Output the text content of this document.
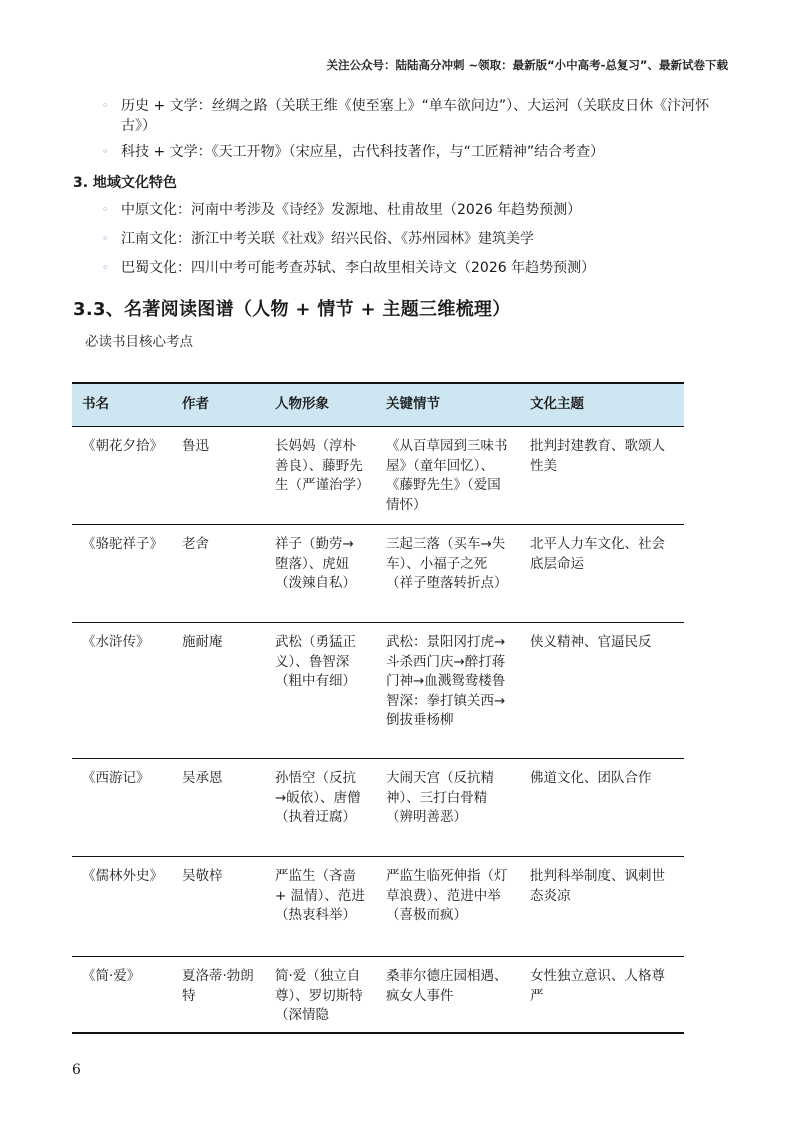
关注公众号：陆陆高分冲刺 ~领取：最新版“小中高考-总复习”、最新试卷下载
◦ 历史 + 文学：丝绸之路（关联王维《使至塞上》“单车欲问边”）、大运河（关联皮日休《汴河怀古》）
◦ 科技 + 文学：《天工开物》（宋应星，古代科技著作，与“工匠精神”结合考查）
3. 地域文化特色
◦ 中原文化：河南中考涉及《诗经》发源地、杜甫故里（2026 年趋势预测）
◦ 江南文化：浙江中考关联《社戏》绍兴民俗、《苏州园林》建筑美学
◦ 巴蜀文化：四川中考可能考查苏轼、李白故里相关诗文（2026 年趋势预测）
3.3、名著阅读图谱（人物 + 情节 + 主题三维梳理）
必读书目核心考点
书名	作者	人物形象	关键情节	文化主题
《朝花夕拾》	鲁迅	长妈妈（淳朴善良）、藤野先生（严谨治学）	《从百草园到三味书屋》（童年回忆）、《藤野先生》（爱国情怀）	批判封建教育、歌颂人性美
《骆驼祥子》	老舍	祥子（勤劳→堕落）、虎妞（泼辣自私）	三起三落（买车→失车）、小福子之死（祥子堕落转折点）	北平人力车文化、社会底层命运
《水浒传》	施耐庵	武松（勇猛正义）、鲁智深（粗中有细）	武松：景阳冈打虎→斗杀西门庆→醉打蒋门神→血溅鸳鸯楼鲁智深：拳打镇关西→倒拔垂杨柳	侠义精神、官逼民反
《西游记》	吴承恩	孙悟空（反抗→皈依）、唐僧（执着迂腐）	大闹天宫（反抗精神）、三打白骨精（辨明善恶）	佛道文化、团队合作
《儒林外史》	吴敬梓	严监生（吝啬 + 温情）、范进（热衷科举）	严监生临死伸指（灯草浪费）、范进中举（喜极而疯）	批判科举制度、讽刺世态炎凉
《简·爱》	夏洛蒂·勃朗特	简·爱（独立自尊）、罗切斯特（深情隐	桑菲尔德庄园相遇、疯女人事件	女性独立意识、人格尊严
6
